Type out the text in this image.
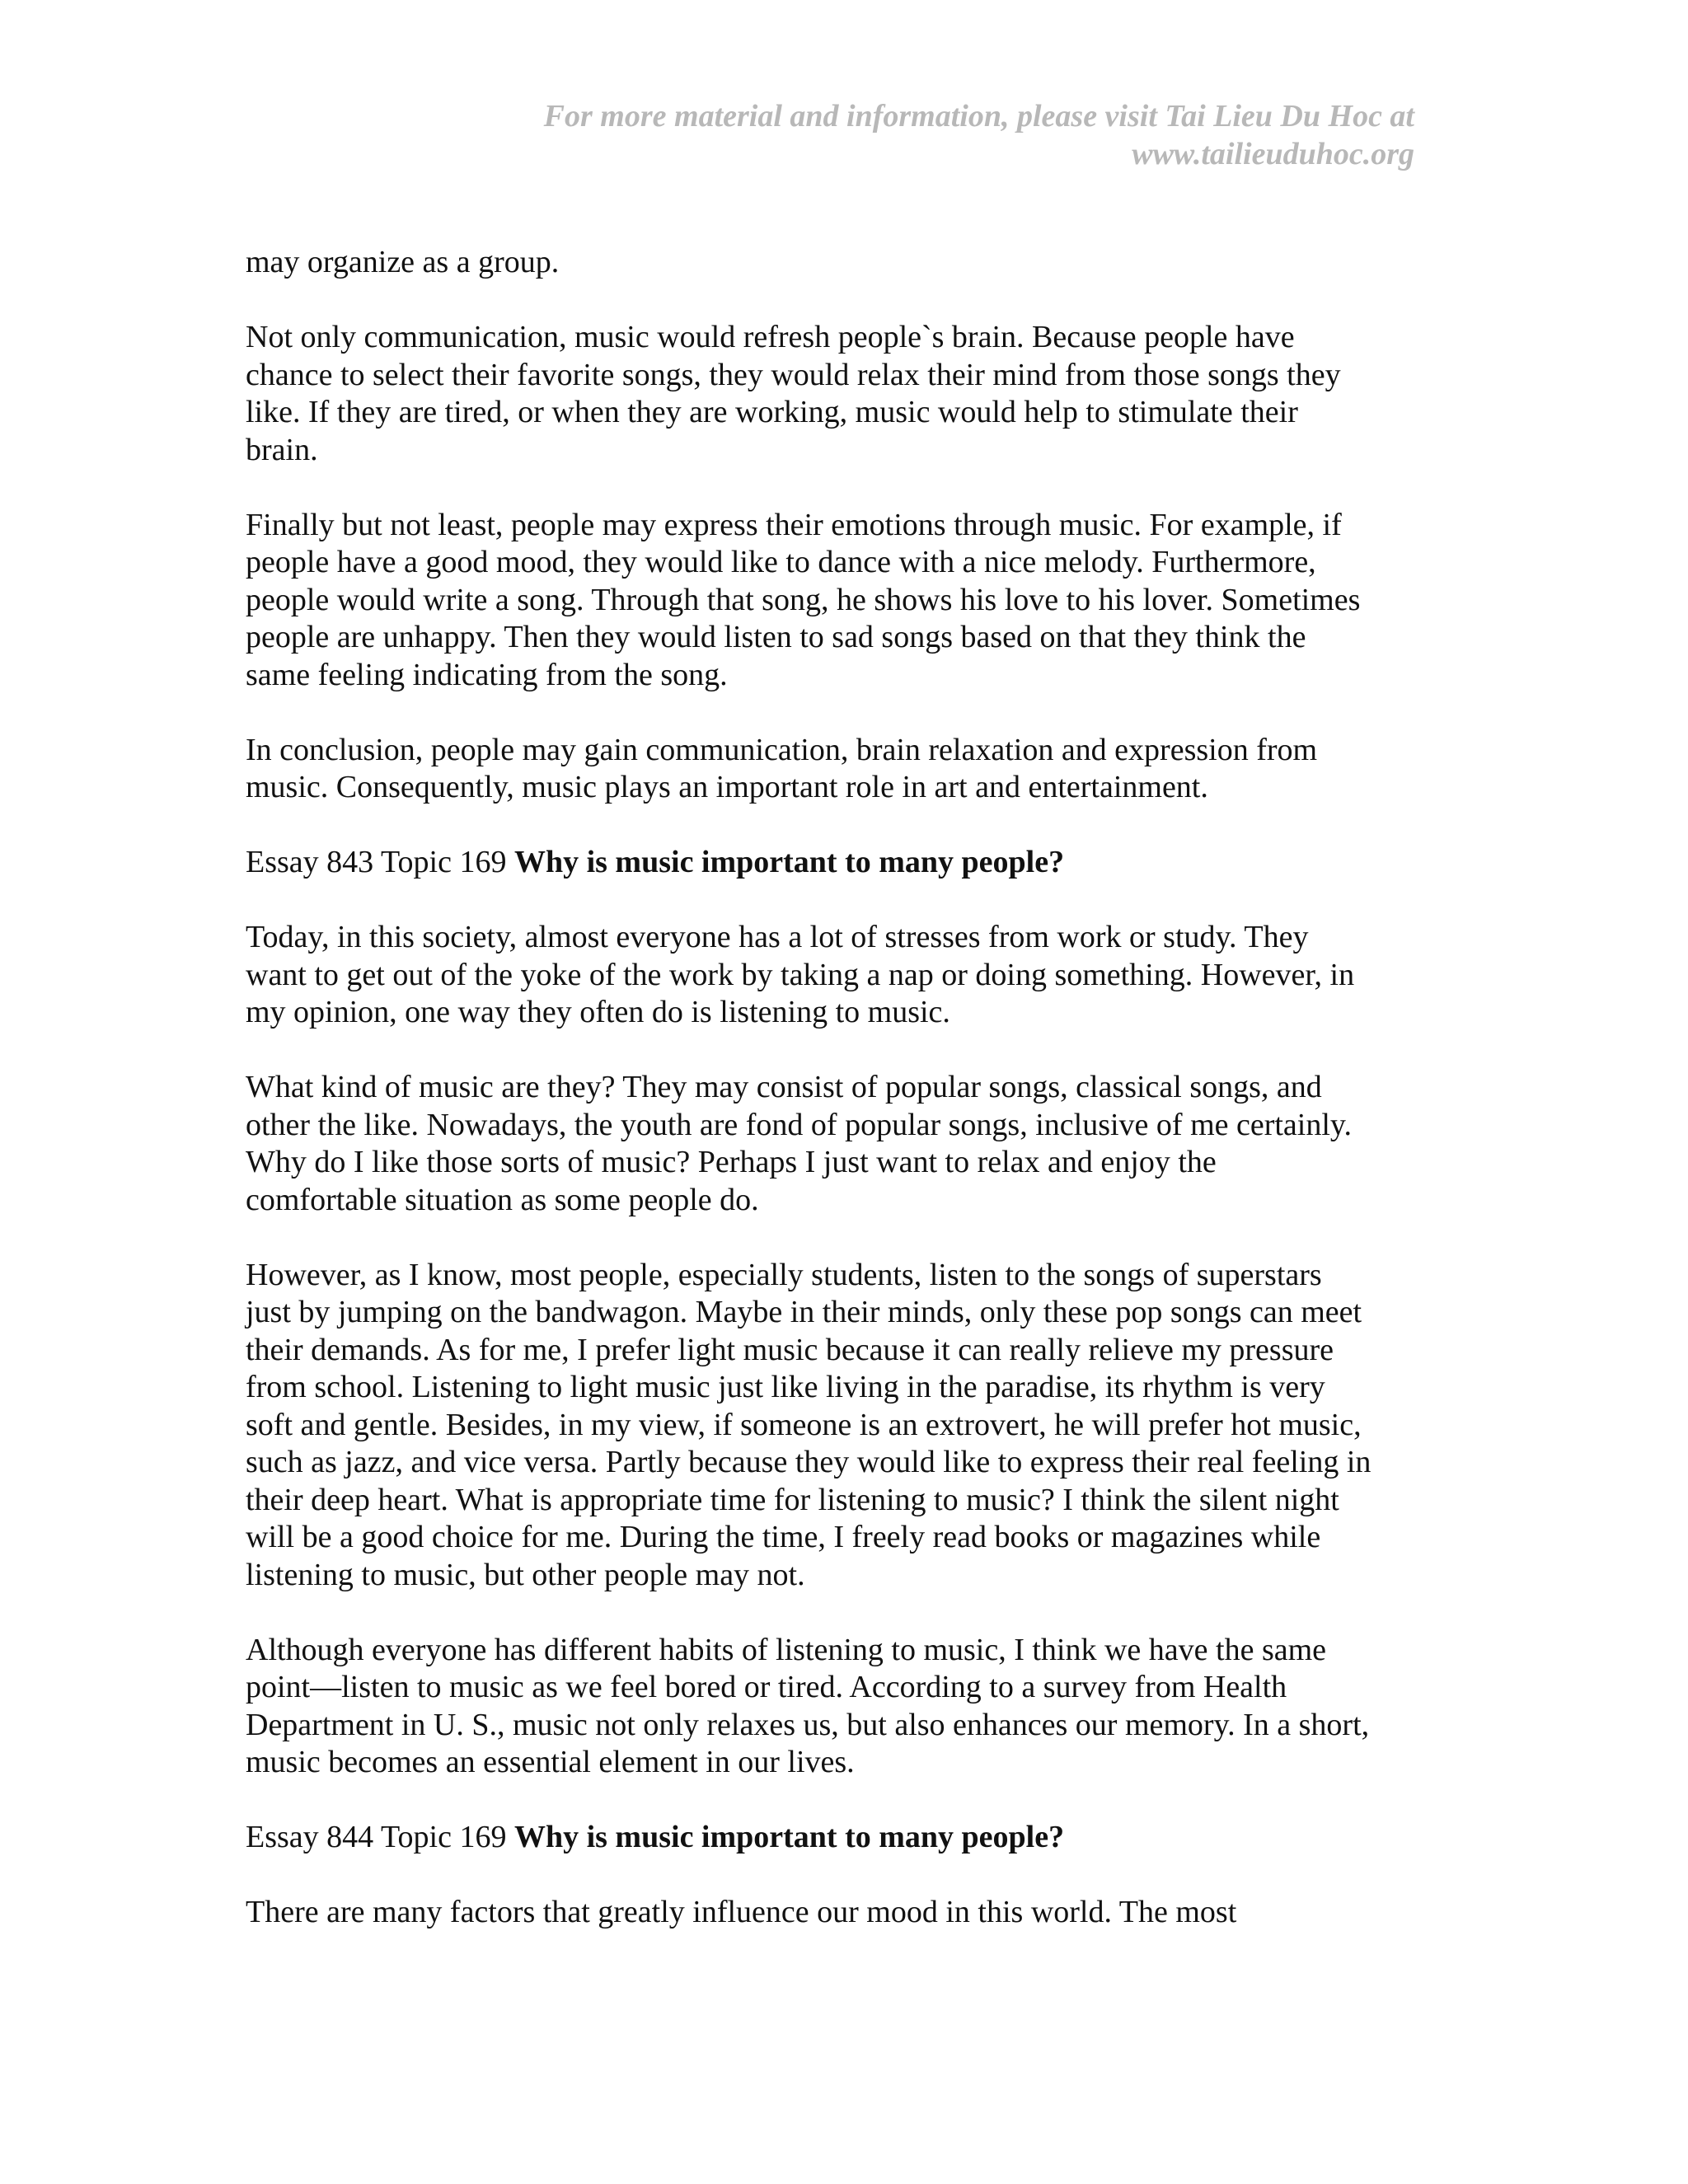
For more material and information, please visit Tai Lieu Du Hoc at
www.tailieuduhoc.org

may organize as a group.

Not only communication, music would refresh people`s brain. Because people have
chance to select their favorite songs, they would relax their mind from those songs they
like. If they are tired, or when they are working, music would help to stimulate their
brain.

Finally but not least, people may express their emotions through music. For example, if
people have a good mood, they would like to dance with a nice melody. Furthermore,
people would write a song. Through that song, he shows his love to his lover. Sometimes
people are unhappy. Then they would listen to sad songs based on that they think the
same feeling indicating from the song.

In conclusion, people may gain communication, brain relaxation and expression from
music. Consequently, music plays an important role in art and entertainment.

Essay 843 Topic 169 Why is music important to many people?

Today, in this society, almost everyone has a lot of stresses from work or study. They
want to get out of the yoke of the work by taking a nap or doing something. However, in
my opinion, one way they often do is listening to music.

What kind of music are they? They may consist of popular songs, classical songs, and
other the like. Nowadays, the youth are fond of popular songs, inclusive of me certainly.
Why do I like those sorts of music? Perhaps I just want to relax and enjoy the
comfortable situation as some people do.

However, as I know, most people, especially students, listen to the songs of superstars
just by jumping on the bandwagon. Maybe in their minds, only these pop songs can meet
their demands. As for me, I prefer light music because it can really relieve my pressure
from school. Listening to light music just like living in the paradise, its rhythm is very
soft and gentle. Besides, in my view, if someone is an extrovert, he will prefer hot music,
such as jazz, and vice versa. Partly because they would like to express their real feeling in
their deep heart. What is appropriate time for listening to music? I think the silent night
will be a good choice for me. During the time, I freely read books or magazines while
listening to music, but other people may not.

Although everyone has different habits of listening to music, I think we have the same
point—listen to music as we feel bored or tired. According to a survey from Health
Department in U. S., music not only relaxes us, but also enhances our memory. In a short,
music becomes an essential element in our lives.

Essay 844 Topic 169 Why is music important to many people?

There are many factors that greatly influence our mood in this world. The most
